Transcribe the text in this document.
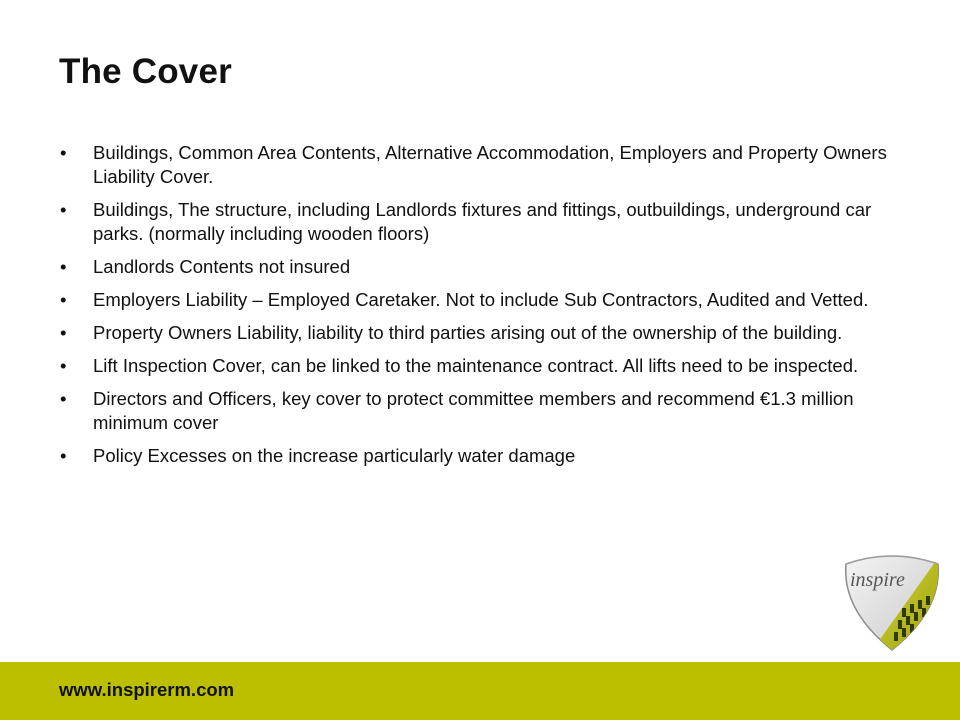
The Cover
•	Buildings, Common Area Contents, Alternative Accommodation, Employers and Property Owners Liability Cover.
•	Buildings, The structure, including Landlords fixtures and fittings, outbuildings, underground car parks. (normally including wooden floors)
•	Landlords Contents not insured
•	Employers Liability – Employed Caretaker. Not to include Sub Contractors, Audited and Vetted.
•	Property Owners Liability, liability to third parties arising out of the ownership of the building.
•	Lift Inspection Cover, can be linked to the maintenance contract. All lifts need to be inspected.
•	Directors and Officers, key cover to protect committee members and recommend €1.3 million minimum cover
•	Policy Excesses on the increase particularly water damage
inspire
www.inspirerm.com
